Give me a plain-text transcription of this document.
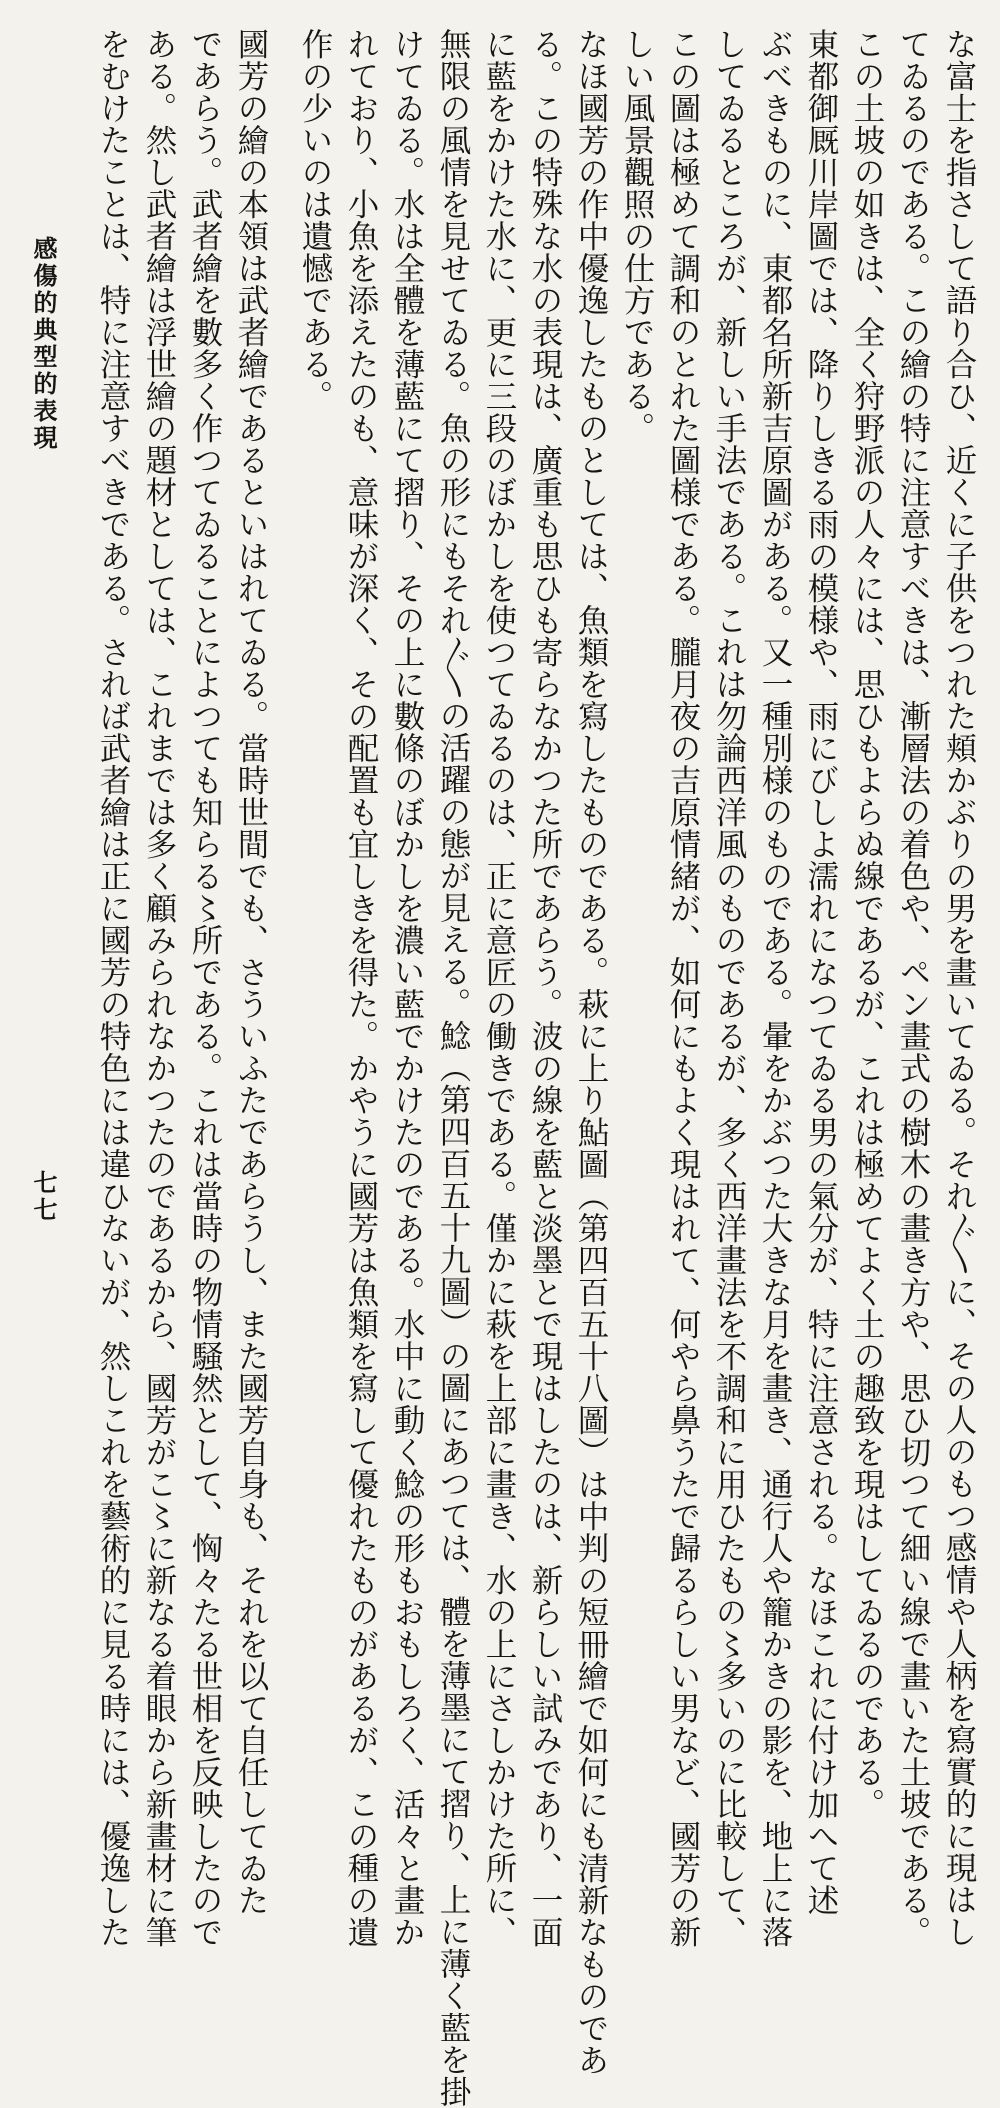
な富士を指さして語り合ひ、近くに子供をつれた頬かぶりの男を畫いてゐる。それ〴〵に、その人のもつ感情や人柄を寫實的に現はし
てゐるのである。この繪の特に注意すべきは、漸層法の着色や、ペン畫式の樹木の畫き方や、思ひ切つて細い線で畫いた土坡である。
この土坡の如きは、全く狩野派の人々には、思ひもよらぬ線であるが、これは極めてよく土の趣致を現はしてゐるのである。
東都御厩川岸圖では、降りしきる雨の模様や、雨にびしよ濡れになつてゐる男の氣分が、特に注意される。なほこれに付け加へて述
ぶべきものに、東都名所新吉原圖がある。又一種別様のものである。暈をかぶつた大きな月を畫き、通行人や籠かきの影を、地上に落
してゐるところが、新しい手法である。これは勿論西洋風のものであるが、多く西洋畫法を不調和に用ひたもの〻多いのに比較して、
この圖は極めて調和のとれた圖様である。朧月夜の吉原情緒が、如何にもよく現はれて、何やら鼻うたで歸るらしい男など、國芳の新
しい風景觀照の仕方である。
なほ國芳の作中優逸したものとしては、魚類を寫したものである。萩に上り鮎圖（第四百五十八圖）は中判の短冊繪で如何にも清新なものであ
る。この特殊な水の表現は、廣重も思ひも寄らなかつた所であらう。波の線を藍と淡墨とで現はしたのは、新らしい試みであり、一面
に藍をかけた水に、更に三段のぼかしを使つてゐるのは、正に意匠の働きである。僅かに萩を上部に畫き、水の上にさしかけた所に、
無限の風情を見せてゐる。魚の形にもそれ〴〵の活躍の態が見える。鯰（第四百五十九圖）の圖にあつては、體を薄墨にて摺り、上に薄く藍を掛
けてゐる。水は全體を薄藍にて摺り、その上に數條のぼかしを濃い藍でかけたのである。水中に動く鯰の形もおもしろく、活々と畫か
れており、小魚を添えたのも、意味が深く、その配置も宜しきを得た。かやうに國芳は魚類を寫して優れたものがあるが、この種の遺
作の少いのは遺憾である。
國芳の繪の本領は武者繪であるといはれてゐる。當時世間でも、さういふたであらうし、また國芳自身も、それを以て自任してゐた
であらう。武者繪を數多く作つてゐることによつても知らる〻所である。これは當時の物情騒然として、恟々たる世相を反映したので
ある。然し武者繪は浮世繪の題材としては、これまでは多く顧みられなかつたのであるから、國芳がこ〻に新なる着眼から新畫材に筆
をむけたことは、特に注意すべきである。されば武者繪は正に國芳の特色には違ひないが、然しこれを藝術的に見る時には、優逸した
感傷的典型的表現
七七
